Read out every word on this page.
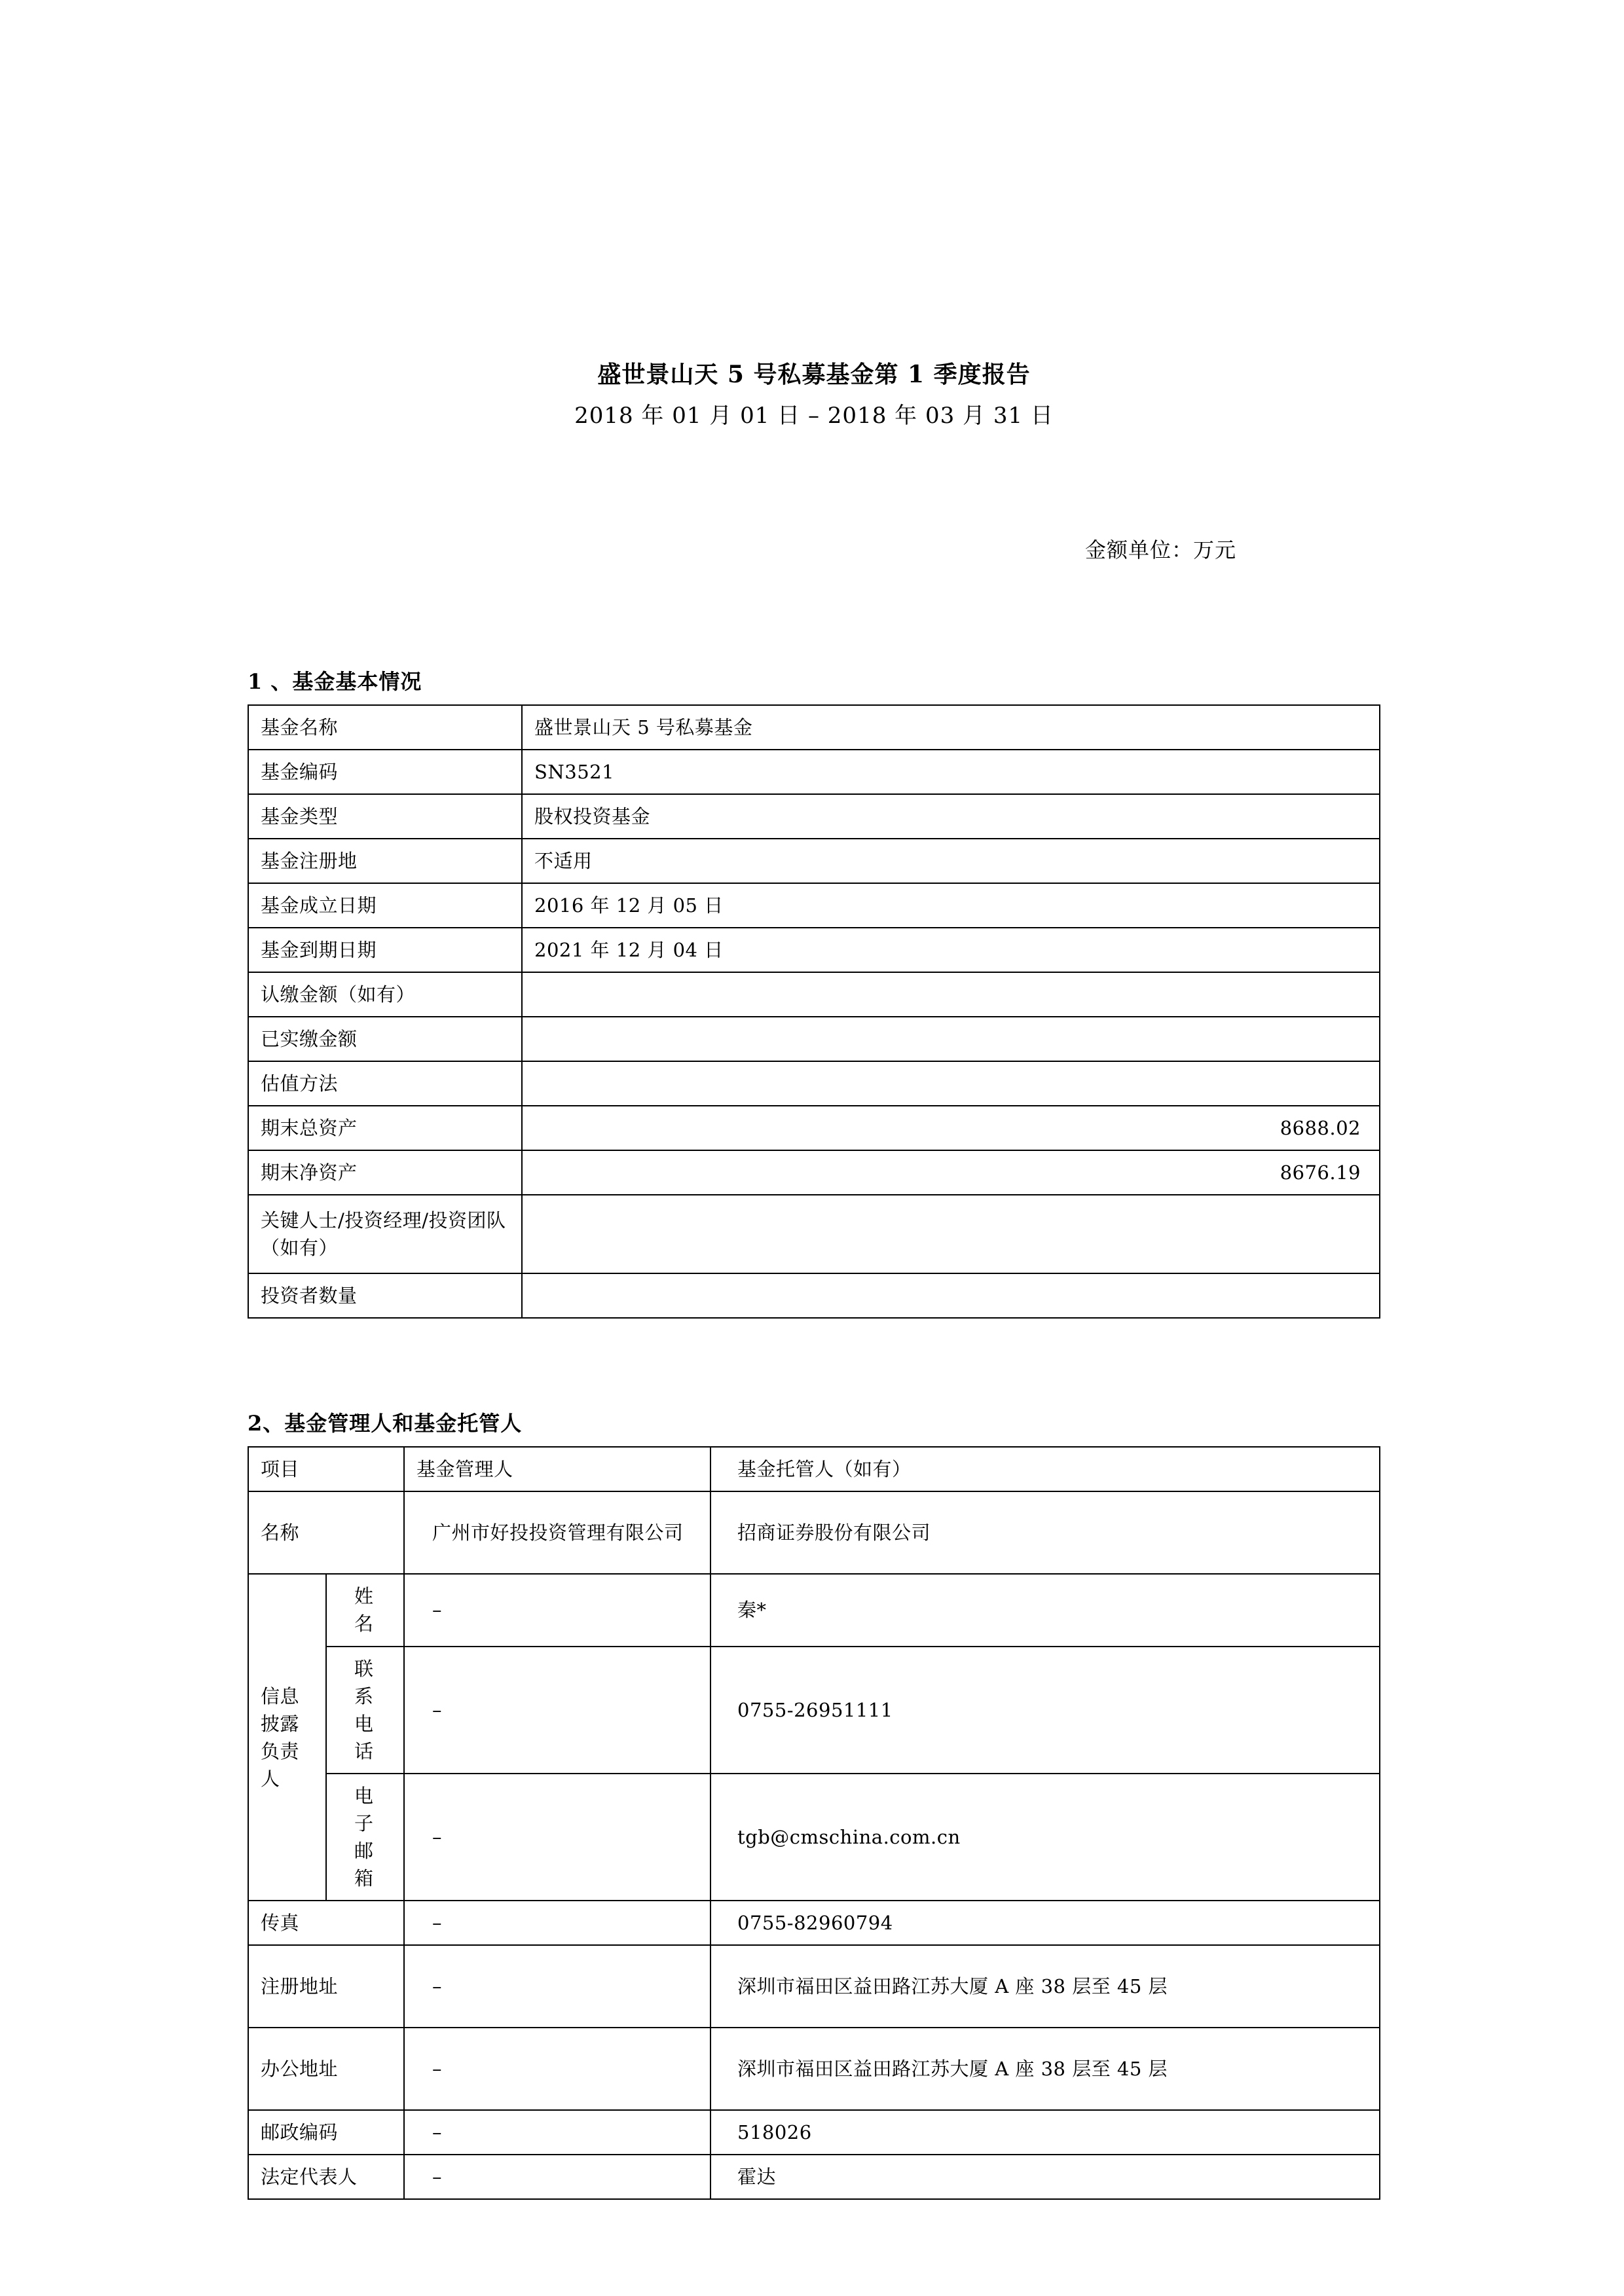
盛世景山天 5 号私募基金第 1 季度报告
2018 年 01 月 01 日 – 2018 年 03 月 31 日
金额单位：万元
1 、基金基本情况
基金名称	盛世景山天 5 号私募基金
基金编码	SN3521
基金类型	股权投资基金
基金注册地	不适用
基金成立日期	2016 年 12 月 05 日
基金到期日期	2021 年 12 月 04 日
认缴金额（如有）	
已实缴金额	
估值方法	
期末总资产	8688.02
期末净资产	8676.19
关键人士/投资经理/投资团队（如有）	
投资者数量	
2、基金管理人和基金托管人
项目		基金管理人	基金托管人（如有）
名称		广州市好投投资管理有限公司	招商证券股份有限公司
信息披露负责人	姓名	–	秦*
	联系电话	–	0755-26951111
	电子邮箱	–	tgb@cmschina.com.cn
传真		–	0755-82960794
注册地址		–	深圳市福田区益田路江苏大厦 A 座 38 层至 45 层
办公地址		–	深圳市福田区益田路江苏大厦 A 座 38 层至 45 层
邮政编码		–	518026
法定代表人		–	霍达
